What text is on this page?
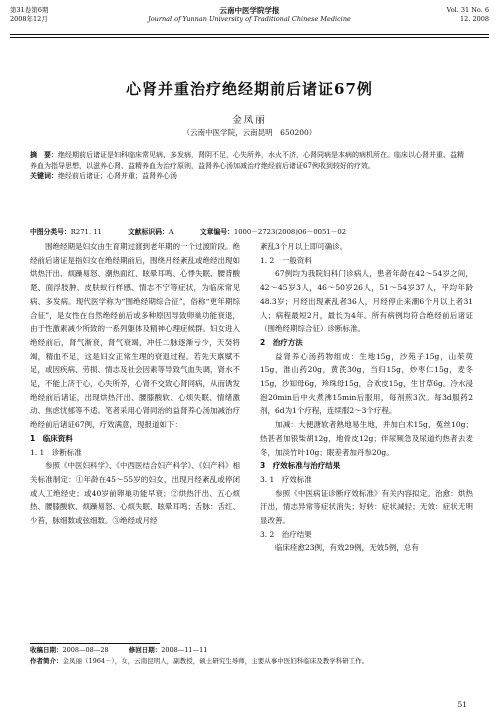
第31卷第6期
2008年12月
云南中医学院学报
Journal of Yunnan University of Traditional Chinese Medicine
Vol. 31 No. 6
12. 2008
心肾并重治疗绝经期前后诸证67例
金凤丽
（云南中医学院，云南昆明　650200）
摘　要：绝经期前后诸证是妇科临床常见病、多发病，肾阴不足，心失所养，水火不济，心肾同病是本病的病机所在。临床以心肾并重、益精养血为指导思想，以滋养心肾、益精养血为治疗原则，益肾养心汤加减治疗绝经前后诸证67例收到较好的疗效。
关键词：绝经前后诸证；心肾并重；益肾养心汤
中图分类号：R271. 11	文献标识码：A	文章编号：1000－2723(2008)06－0051－02

围绝经期是妇女由生育期过渡到老年期的一个过渡阶段。绝经前后诸证是指妇女在绝经期前后，围绕月经紊乱或绝经出现如烘热汗出、烦躁易怒、潮热面红、眩晕耳鸣、心悸失眠、腰背酸楚、面浮肢肿、皮肤蚁行样感、情志不宁等症状，为临床常见病、多发病。现代医学称为“围绝经期综合征”，俗称“更年期综合征”，是女性在自然绝经前后或多种原因导致卵巢功能衰退，由于性激素减少所致的一系列躯体及精神心理症候群。妇女进入绝经前后，肾气渐衰，肾气衰竭，冲任二脉逐渐亏少，天癸将竭，精血不足，这是妇女正常生理的衰退过程。若先天禀赋不足，或因疾病、劳损、情志及社会因素等导致气血失调，肾水不足，不能上济于心，心失所养，心肾不交致心肾同病，从而诱发绝经前后诸证，出现烘热汗出、腰膝酸软、心烦失眠、情绪激动、焦虑忧郁等不适。笔者采用心肾同治的益肾养心汤加减治疗绝经前后诸证67例，疗效满意，现报道如下：

1　临床资料

1. 1　诊断标准

参照《中医妇科学》、《中西医结合妇产科学》、《妇产科》相关标准制定：①年龄在45～55岁的妇女，出现月经紊乱或停闭或人工绝经史；或40岁前卵巢功能早衰；②烘热汗出、五心烦热、腰膝酸软、烦躁易怒、心烦失眠、眩晕耳鸣；舌脉：舌红、少苔，脉细数或弦细数。③绝经或月经

紊乱3个月以上即可确诊。

1. 2　一般资料

67例均为我院妇科门诊病人，患者年龄在42～54岁之间，42～45岁3人，46～50岁26人，51～54岁37人，平均年龄48.3岁；月经出现紊乱者36人，月经停止来潮6个月以上者31人；病程最短2月，最长为4年。所有病例均符合绝经前后诸证（围绝经期综合征）诊断标准。

2　治疗方法

益肾养心汤药物组成：生地15g，沙苑子15g，山茱萸15g，淮山药20g，黄芪30g，当归15g，炒枣仁15g，麦冬15g，沙知母6g，珍珠母15g，合欢皮15g，生甘草6g。冷水浸泡20min后中火煮沸15min后服用，每剂煎3次。每3d服药2剂，6d为1个疗程，连续服2～3个疗程。

加减：大便溏软者熟地易生地，并加白术15g，菟丝10g；热甚者加银柴胡12g，地骨皮12g；伴尿频急及尿道灼热者去麦冬，加淡竹叶10g；眠差者加丹参20g。

3　疗效标准与治疗结果

3. 1　疗效标准

参照《中医病证诊断疗效标准》有关内容拟定。治愈：烘热汗出，情志异常等症状消失；好转：症状减轻；无效：症状无明显改善。

3. 2　治疗结果

临床痊愈23例，有效29例，无效5例，总有

收稿日期：2008—08—28	修回日期：2008—11—11
作者简介：金凤丽（1964－），女，云南昆明人，副教授，硕士研究生导师，主要从事中医妇科临床及教学科研工作。
51
